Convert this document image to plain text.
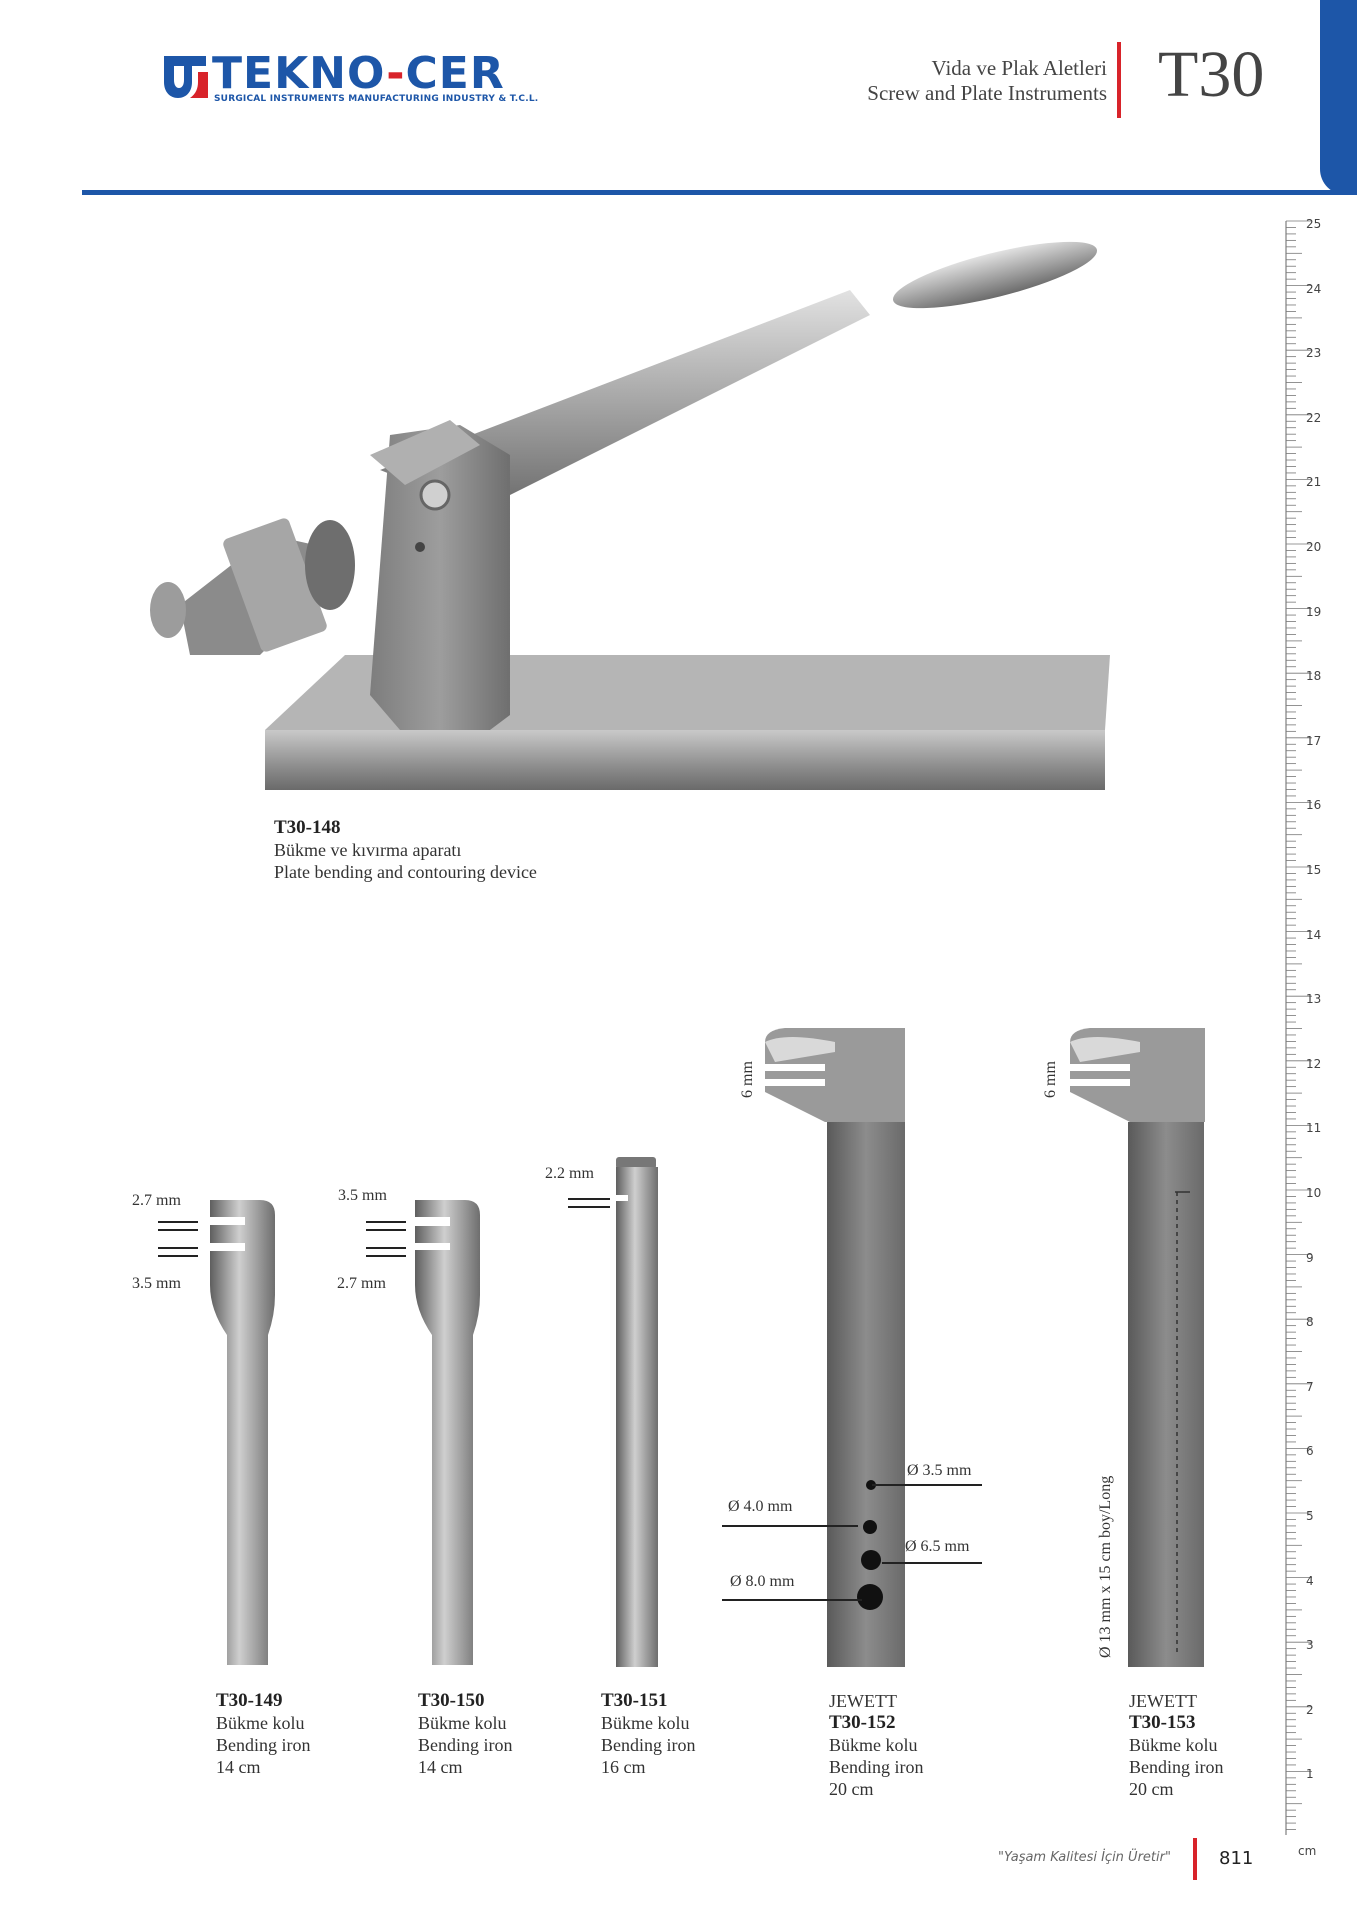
TEKNO-CER
SURGICAL INSTRUMENTS MANUFACTURING INDUSTRY & T.C.L.
Vida ve Plak Aletleri
Screw and Plate Instruments T30
25
24
23
22
21
20
19
18
17
16
15
14
13
12
11
10
9
8
7
6
5
4
3
2
1
cm
T30-148
Bükme ve kıvırma aparatı
Plate bending and contouring device
2.7 mm
3.5 mm
T30-149
Bükme kolu
Bending iron
14 cm
3.5 mm
2.7 mm
T30-150
Bükme kolu
Bending iron
14 cm
2.2 mm
T30-151
Bükme kolu
Bending iron
16 cm
Ø 3.5 mm
Ø 4.0 mm
Ø 6.5 mm
Ø 8.0 mm
6 mm
JEWETT
T30-152
Bükme kolu
Bending iron
20 cm
6 mm
Ø 13 mm x 15 cm boy/Long
JEWETT
T30-153
Bükme kolu
Bending iron
20 cm
"Yaşam Kalitesi İçin Üretir"	811
